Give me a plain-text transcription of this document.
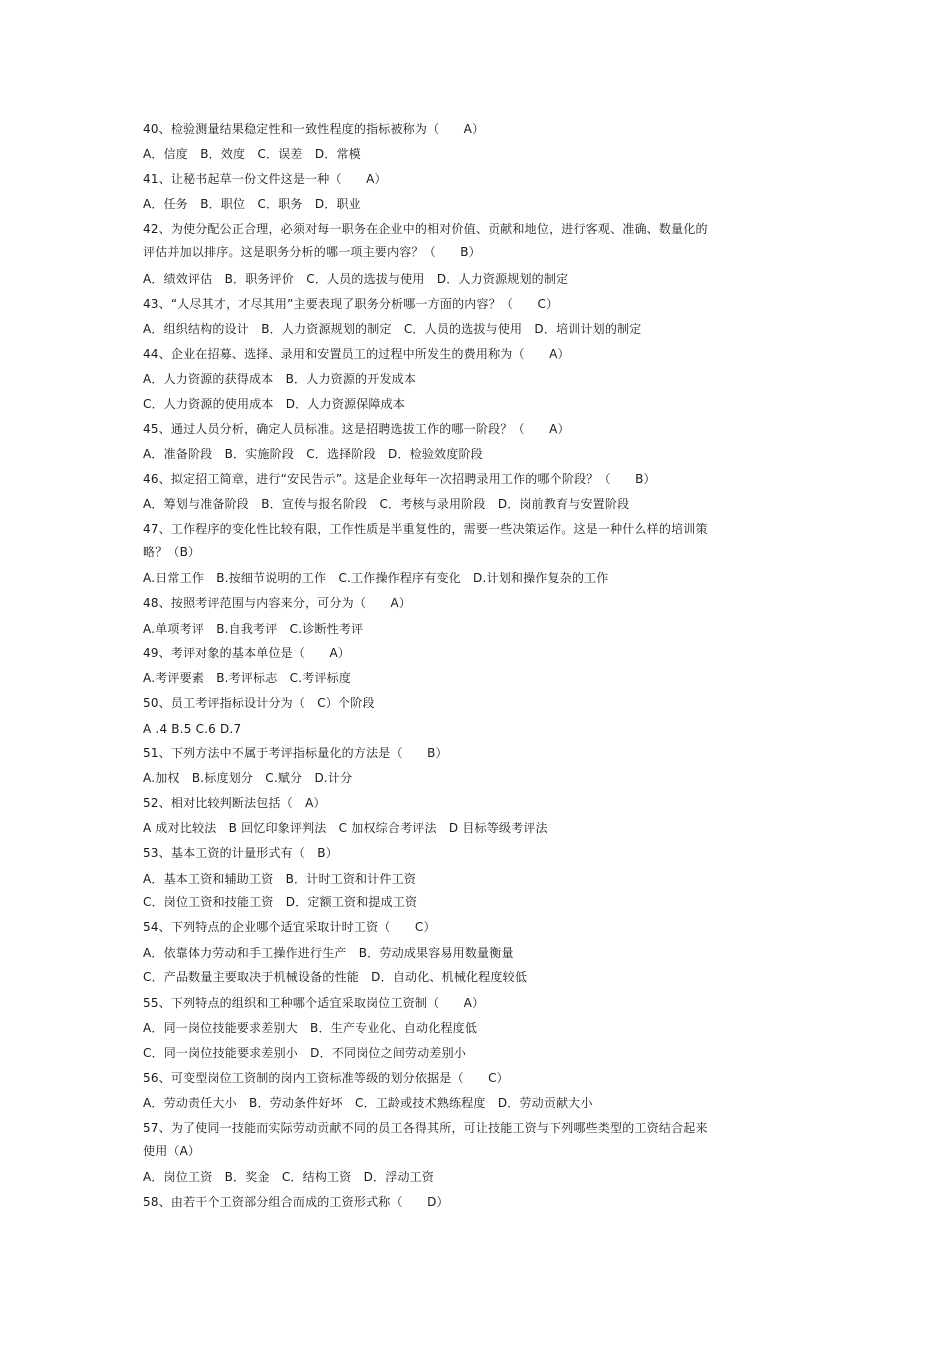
40、检验测量结果稳定性和一致性程度的指标被称为（　　A）
A．信度　B．效度　C．误差　D．常模
41、让秘书起草一份文件这是一种（　　A）
A．任务　B．职位　C．职务　D．职业
42、为使分配公正合理，必须对每一职务在企业中的相对价值、贡献和地位，进行客观、准确、数量化的
评估并加以排序。这是职务分析的哪一项主要内容？（　　B）
A．绩效评估　B．职务评价　C．人员的选拔与使用　D．人力资源规划的制定
43、“人尽其才，才尽其用”主要表现了职务分析哪一方面的内容？（　　C）
A．组织结构的设计　B．人力资源规划的制定　C．人员的选拔与使用　D．培训计划的制定
44、企业在招募、选择、录用和安置员工的过程中所发生的费用称为（　　A）
A．人力资源的获得成本　B．人力资源的开发成本
C．人力资源的使用成本　D．人力资源保障成本
45、通过人员分析，确定人员标准。这是招聘选拔工作的哪一阶段？（　　A）
A．准备阶段　B．实施阶段　C．选择阶段　D．检验效度阶段
46、拟定招工简章，进行“安民告示”。这是企业每年一次招聘录用工作的哪个阶段？（　　B）
A．筹划与准备阶段　B．宣传与报名阶段　C．考核与录用阶段　D．岗前教育与安置阶段
47、工作程序的变化性比较有限，工作性质是半重复性的，需要一些决策运作。这是一种什么样的培训策
略？（B）
A.日常工作　B.按细节说明的工作　C.工作操作程序有变化　D.计划和操作复杂的工作
48、按照考评范围与内容来分，可分为（　　A）
A.单项考评　B.自我考评　C.诊断性考评
49、考评对象的基本单位是（　　A）
A.考评要素　B.考评标志　C.考评标度
50、员工考评指标设计分为（　C）个阶段
A .4 B.5 C.6 D.7
51、下列方法中不属于考评指标量化的方法是（　　B）
A.加权　B.标度划分　C.赋分　D.计分
52、相对比较判断法包括（　A）
A 成对比较法　B 回忆印象评判法　C 加权综合考评法　D 目标等级考评法
53、基本工资的计量形式有（　B）
A．基本工资和辅助工资　B．计时工资和计件工资
C．岗位工资和技能工资　D．定额工资和提成工资
54、下列特点的企业哪个适宜采取计时工资（　　C）
A．依靠体力劳动和手工操作进行生产　B．劳动成果容易用数量衡量
C．产品数量主要取决于机械设备的性能　D．自动化、机械化程度较低
55、下列特点的组织和工种哪个适宜采取岗位工资制（　　A）
A．同一岗位技能要求差别大　B．生产专业化、自动化程度低
C．同一岗位技能要求差别小　D．不同岗位之间劳动差别小
56、可变型岗位工资制的岗内工资标准等级的划分依据是（　　C）
A．劳动责任大小　B．劳动条件好坏　C．工龄或技术熟练程度　D．劳动贡献大小
57、为了使同一技能而实际劳动贡献不同的员工各得其所，可让技能工资与下列哪些类型的工资结合起来
使用（A）
A．岗位工资　B．奖金　C．结构工资　D．浮动工资
58、由若干个工资部分组合而成的工资形式称（　　D）
